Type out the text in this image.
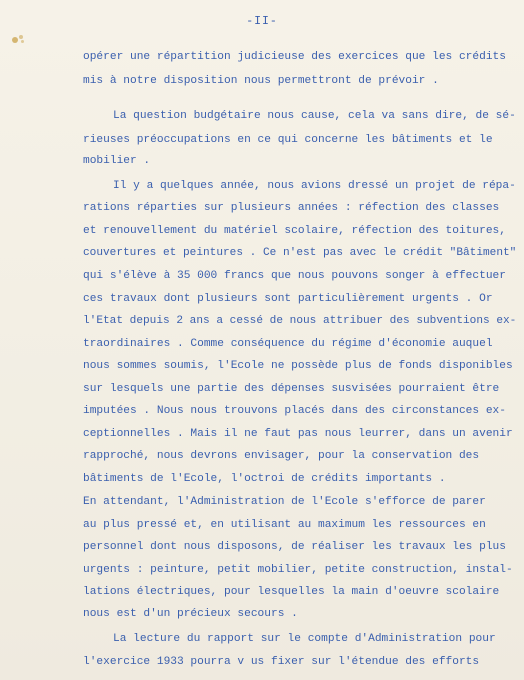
-II-
opérer une répartition judicieuse des exercices que les crédits
mis à notre disposition nous permettront de prévoir .
La question budgétaire nous cause, cela va sans dire, de sé-
rieuses préoccupations en ce qui concerne les bâtiments et le
mobilier .
Il y a quelques année, nous avions dressé un projet de répa-
rations réparties sur plusieurs années : réfection des classes
et renouvellement du matériel scolaire, réfection des toitures,
couvertures et peintures . Ce n'est pas avec le crédit "Bâtiment"
qui s'élève à 35 000 francs que nous pouvons songer à effectuer
ces travaux dont plusieurs sont particulièrement urgents . Or
l'Etat depuis 2 ans a cessé de nous attribuer des subventions ex-
traordinaires . Comme conséquence du régime d'économie auquel
nous sommes soumis, l'Ecole ne possède plus de fonds disponibles
sur lesquels une partie des dépenses susvisées pourraient être
imputées . Nous nous trouvons placés dans des circonstances ex-
ceptionnelles . Mais il ne faut pas nous leurrer, dans un avenir
rapproché, nous devrons envisager, pour la conservation des
bâtiments de l'Ecole, l'octroi de crédits importants .
En attendant, l'Administration de l'Ecole s'efforce de parer
au plus pressé et, en utilisant au maximum les ressources en
personnel dont nous disposons, de réaliser les travaux les plus
urgents : peinture, petit mobilier, petite construction, instal-
lations électriques, pour lesquelles la main d'oeuvre scolaire
nous est d'un précieux secours .
La lecture du rapport sur le compte d'Administration pour
l'exercice 1933 pourra v us fixer sur l'étendue des efforts
